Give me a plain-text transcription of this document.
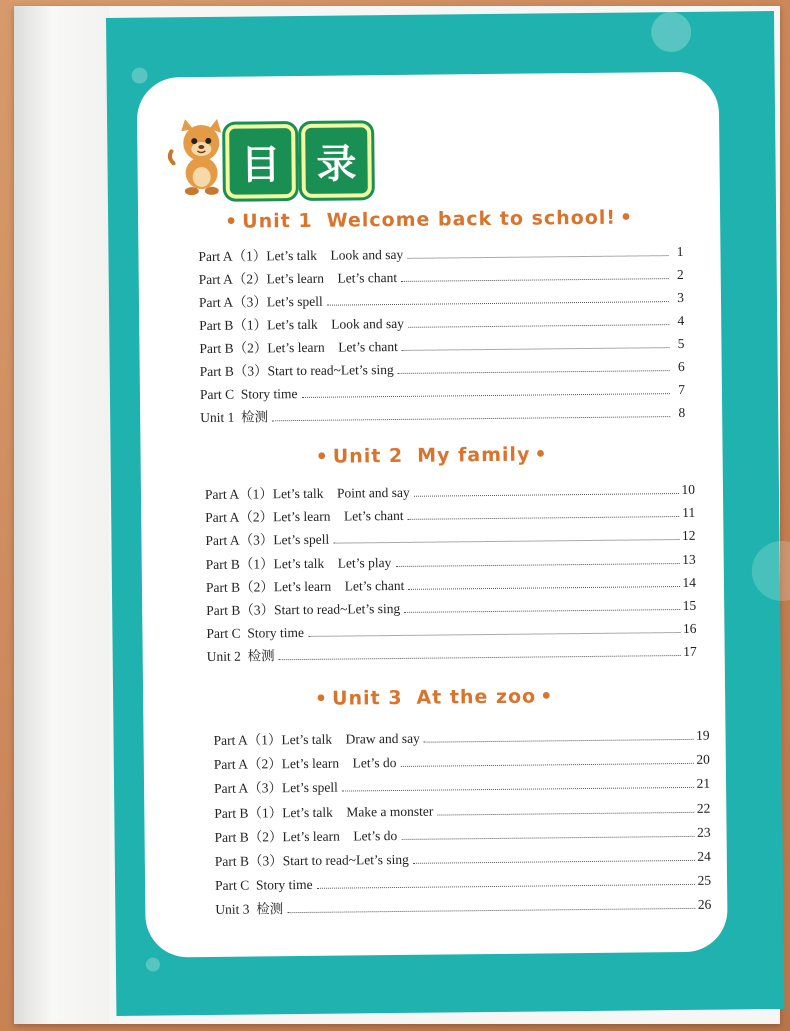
目 录
• Unit 1 Welcome back to school! •
Part A（1）Let’s talk    Look and say	1
Part A（2）Let’s learn    Let’s chant	2
Part A（3）Let’s spell	3
Part B（1）Let’s talk    Look and say	4
Part B（2）Let’s learn    Let’s chant	5
Part B（3）Start to read~Let’s sing	6
Part C  Story time	7
Unit 1  检测	8
• Unit 2 My family •
Part A（1）Let’s talk    Point and say	10
Part A（2）Let’s learn    Let’s chant	11
Part A（3）Let’s spell	12
Part B（1）Let’s talk    Let’s play	13
Part B（2）Let’s learn    Let’s chant	14
Part B（3）Start to read~Let’s sing	15
Part C  Story time	16
Unit 2  检测	17
• Unit 3 At the zoo •
Part A（1）Let’s talk    Draw and say	19
Part A（2）Let’s learn    Let’s do	20
Part A（3）Let’s spell	21
Part B（1）Let’s talk    Make a monster	22
Part B（2）Let’s learn    Let’s do	23
Part B（3）Start to read~Let’s sing	24
Part C  Story time	25
Unit 3  检测	26
